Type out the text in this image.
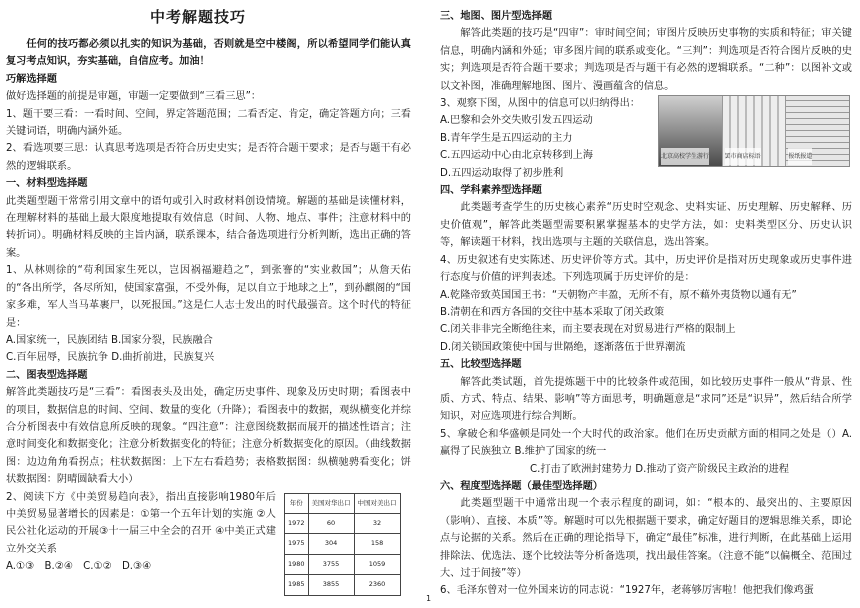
中考解题技巧

任何的技巧都必须以扎实的知识为基础，否则就是空中楼阁，所以希望同学们能认真复习考点知识，夯实基础，自信应考。加油！

巧解选择题

做好选择题的前提是审题，审题一定要做到“三看三思”：

1、题干要三看：一看时间、空间，界定答题范围；二看否定、肯定，确定答题方向；三看关键词语，明确内涵外延。

2、看选项要三思：认真思考选项是否符合历史史实；是否符合题干要求；是否与题干有必然的逻辑联系。

一、材料型选择题

此类题型题干常常引用文章中的语句或引入时政材料创设情境。解题的基础是读懂材料，在理解材料的基础上最大限度地提取有效信息（时间、人物、地点、事件；注意材料中的转折词）。明确材料反映的主旨内涵，联系课本，结合备选项进行分析判断，选出正确的答案。

1、从林则徐的“苟利国家生死以，岂因祸福避趋之”，到张謇的“实业救国”；从詹天佑的“各出所学，各尽所知，使国家富强，不受外侮，足以自立于地球之上”，到孙麒阁的“国家多难，军人当马革裹尸，以死报国。”这是仁人志士发出的时代最强音。这个时代的特征是：

A.国家统一，民族团结 B.国家分裂，民族融合

C.百年屈辱，民族抗争 D.曲折前进，民族复兴

二、图表型选择题

解答此类题技巧是“三看”：看图表头及出处，确定历史事件、现象及历史时期；看图表中的项目，数据信息的时间、空间、数量的变化（升降）；看图表中的数据，观纵横变化并综合分析图表中有效信息所反映的现象。“四注意”：注意图绕数据而展开的描述性语言；注意时间变化和数据变化；注意分析数据变化的特征；注意分析数据变化的原因。（曲线数据图：边边角角看拐点；柱状数据图：上下左右看趋势；表格数据图：纵横驰骋看变化；饼状数据图：阴晴圆缺看大小）

2、阅读下方《中美贸易趋向表》，指出直接影响1980年后中美贸易显著增长的因素是：①第一个五年计划的实施 ②人民公社化运动的开展③十一届三中全会的召开 ④中美正式建立外交关系

A.①③　B.②④　C.①②　D.③④

年份	美国对华出口	中国对美出口
1972	60	32
1975	304	158
1980	3755	1059
1985	3855	2360

三、地图、图片型选择题

解答此类题的技巧是“四审”：审时间空间；审图片反映历史事物的实质和特征；审关键信息，明确内涵和外延；审多图片间的联系或变化。“三判”：判选项是否符合图片反映的史实；判选项是否符合题干要求；判选项是否与题干有必然的逻辑联系。“二种”：以图补文或以文补图，准确理解地图、图片、漫画蕴含的信息。

3、观察下图，从图中的信息可以归纳得出：

A.巴黎和会外交失败引发五四运动

B.青年学生是五四运动的主力

C.五四运动中心由北京转移到上海

D.五四运动取得了初步胜利

北京高校学生游行	罢市商店标语	报纸报道

四、学科素养型选择题

此类题考查学生的历史核心素养“历史时空观念、史料实证、历史理解、历史解释、历史价值观”，解答此类题型需要积累掌握基本的史学方法，如：史料类型区分、历史认识等，解读题干材料，找出选项与主题的关联信息，选出答案。

4、历史叙述有史实陈述、历史评价等方式。其中，历史评价是指对历史现象或历史事件进行态度与价值的评判表述。下列选项属于历史评价的是：

A.乾隆帝致英国国王书：“天朝物产丰盈，无所不有，原不藉外夷货物以通有无”

B.清朝在和西方各国的交往中基本采取了闭关政策

C.闭关非非完全断绝往来，而主要表现在对贸易进行严格的限制上

D.闭关锁国政策使中国与世隔绝，逐渐落伍于世界潮流

五、比较型选择题

解答此类试题，首先提炼题干中的比较条件或范围，如比较历史事件一般从“背景、性质、方式、特点、结果、影响”等方面思考，明确题意是“求同”还是“识异”，然后结合所学知识，对应选项进行综合判断。

5、拿破仑和华盛顿是同处一个大时代的政治家。他们在历史贡献方面的相同之处是（）A.赢得了民族独立 B.维护了国家的统一

C.打击了欧洲封建势力 D.推动了资产阶级民主政治的进程

六、程度型选择题（最佳型选择题）

此类题型题干中通常出现一个表示程度的副词，如：“根本的、最突出的、主要原因（影响）、直接、本质”等。解题时可以先根据题干要求，确定好题目的逻辑思维关系，即论点与论据的关系。然后在正确的理论指导下，确定“最佳”标准，进行判断，在此基础上运用排除法、优选法、逐个比较法等分析备选项，找出最佳答案。（注意不能“以偏概全、范围过大、过于间接”等）

6、毛泽东曾对一位外国来访的同志说：“1927年，老蒋够厉害啦！他把我们像鸡蛋

1
